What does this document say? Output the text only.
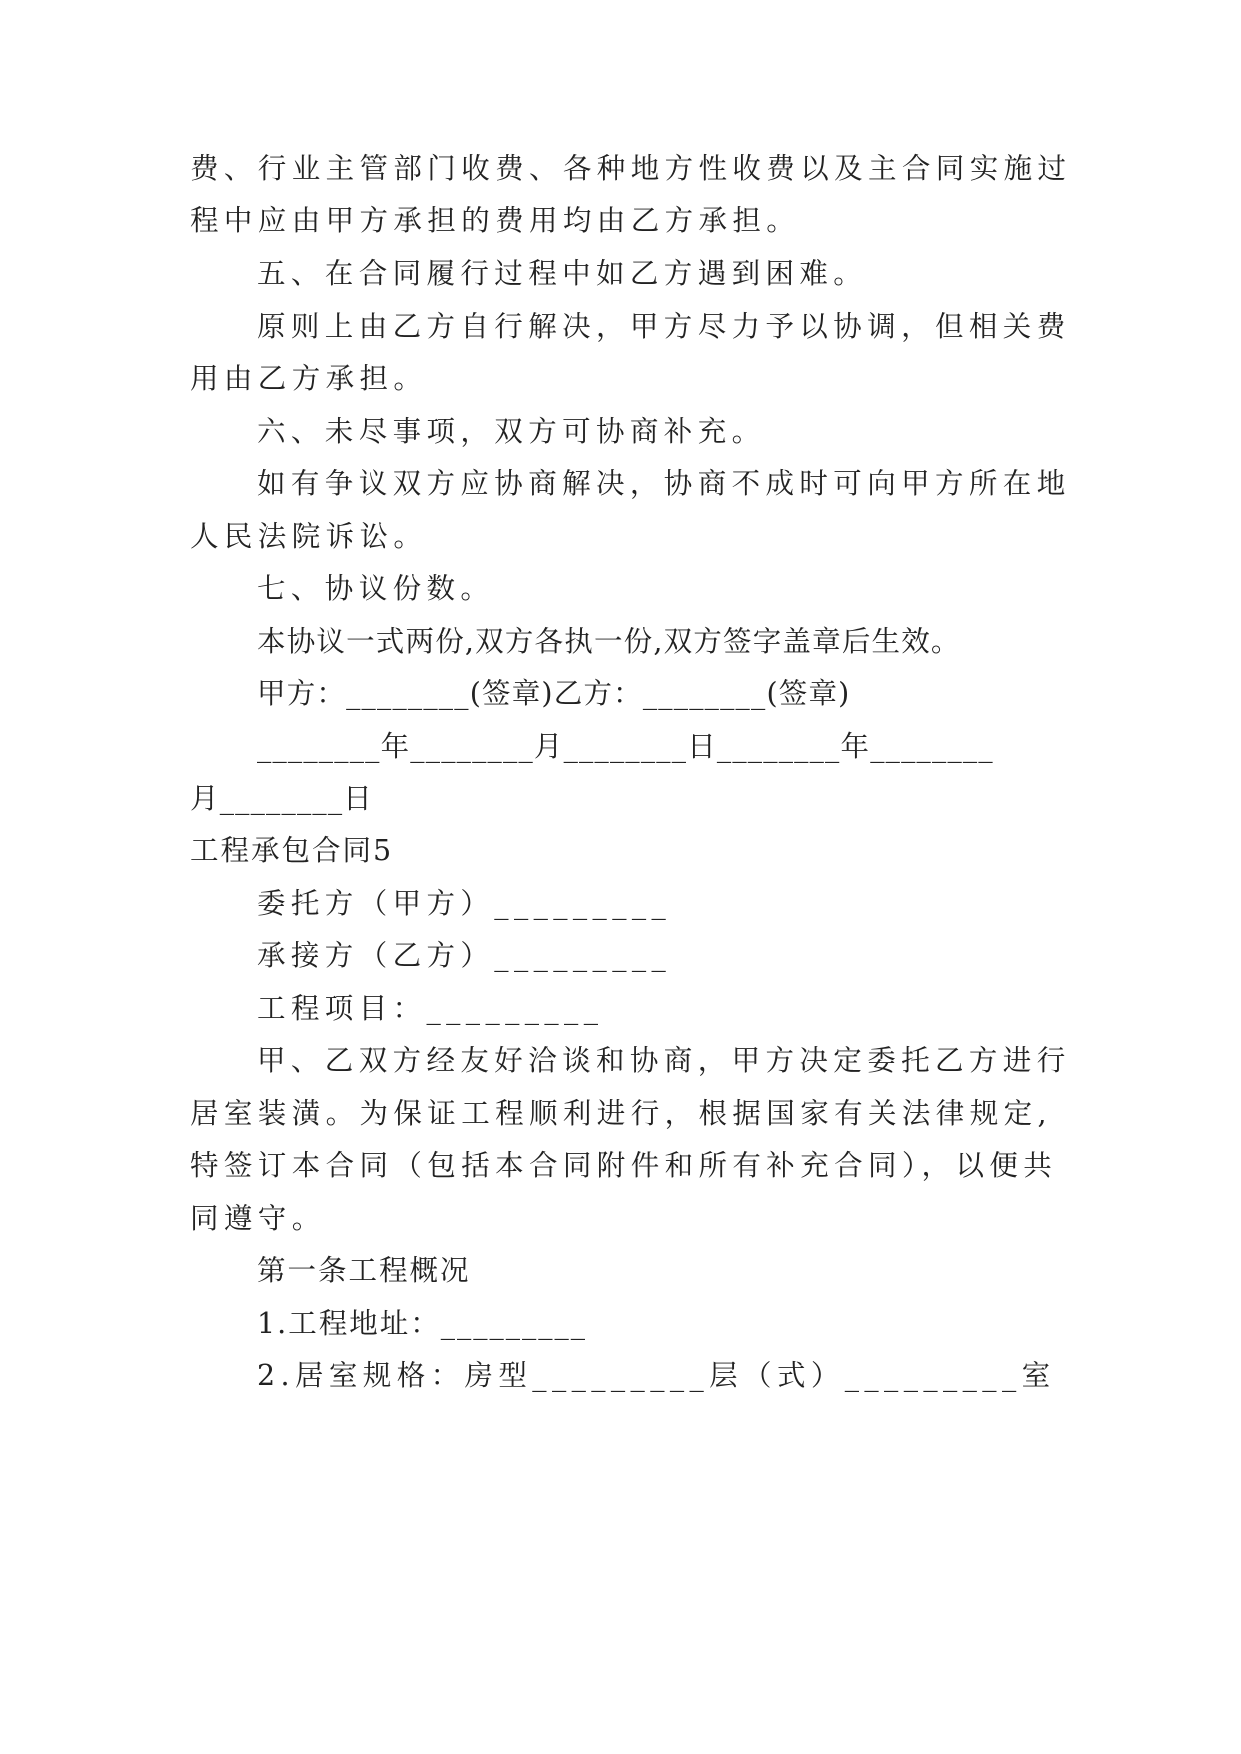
费、行业主管部门收费、各种地方性收费以及主合同实施过
程中应由甲方承担的费用均由乙方承担。
五、在合同履行过程中如乙方遇到困难。
原则上由乙方自行解决，甲方尽力予以协调，但相关费
用由乙方承担。
六、未尽事项，双方可协商补充。
如有争议双方应协商解决，协商不成时可向甲方所在地
人民法院诉讼。
七、协议份数。
本协议一式两份,双方各执一份,双方签字盖章后生效。
甲方：________(签章)乙方：________(签章)
________年________月________日________年________
月________日
工程承包合同5
委托方（甲方）_________
承接方（乙方）_________
工程项目：_________
甲、乙双方经友好洽谈和协商，甲方决定委托乙方进行
居室装潢。为保证工程顺利进行，根据国家有关法律规定,
特签订本合同（包括本合同附件和所有补充合同），以便共
同遵守。
第一条工程概况
1.工程地址：_________
2.居室规格：房型_________层（式）_________室
